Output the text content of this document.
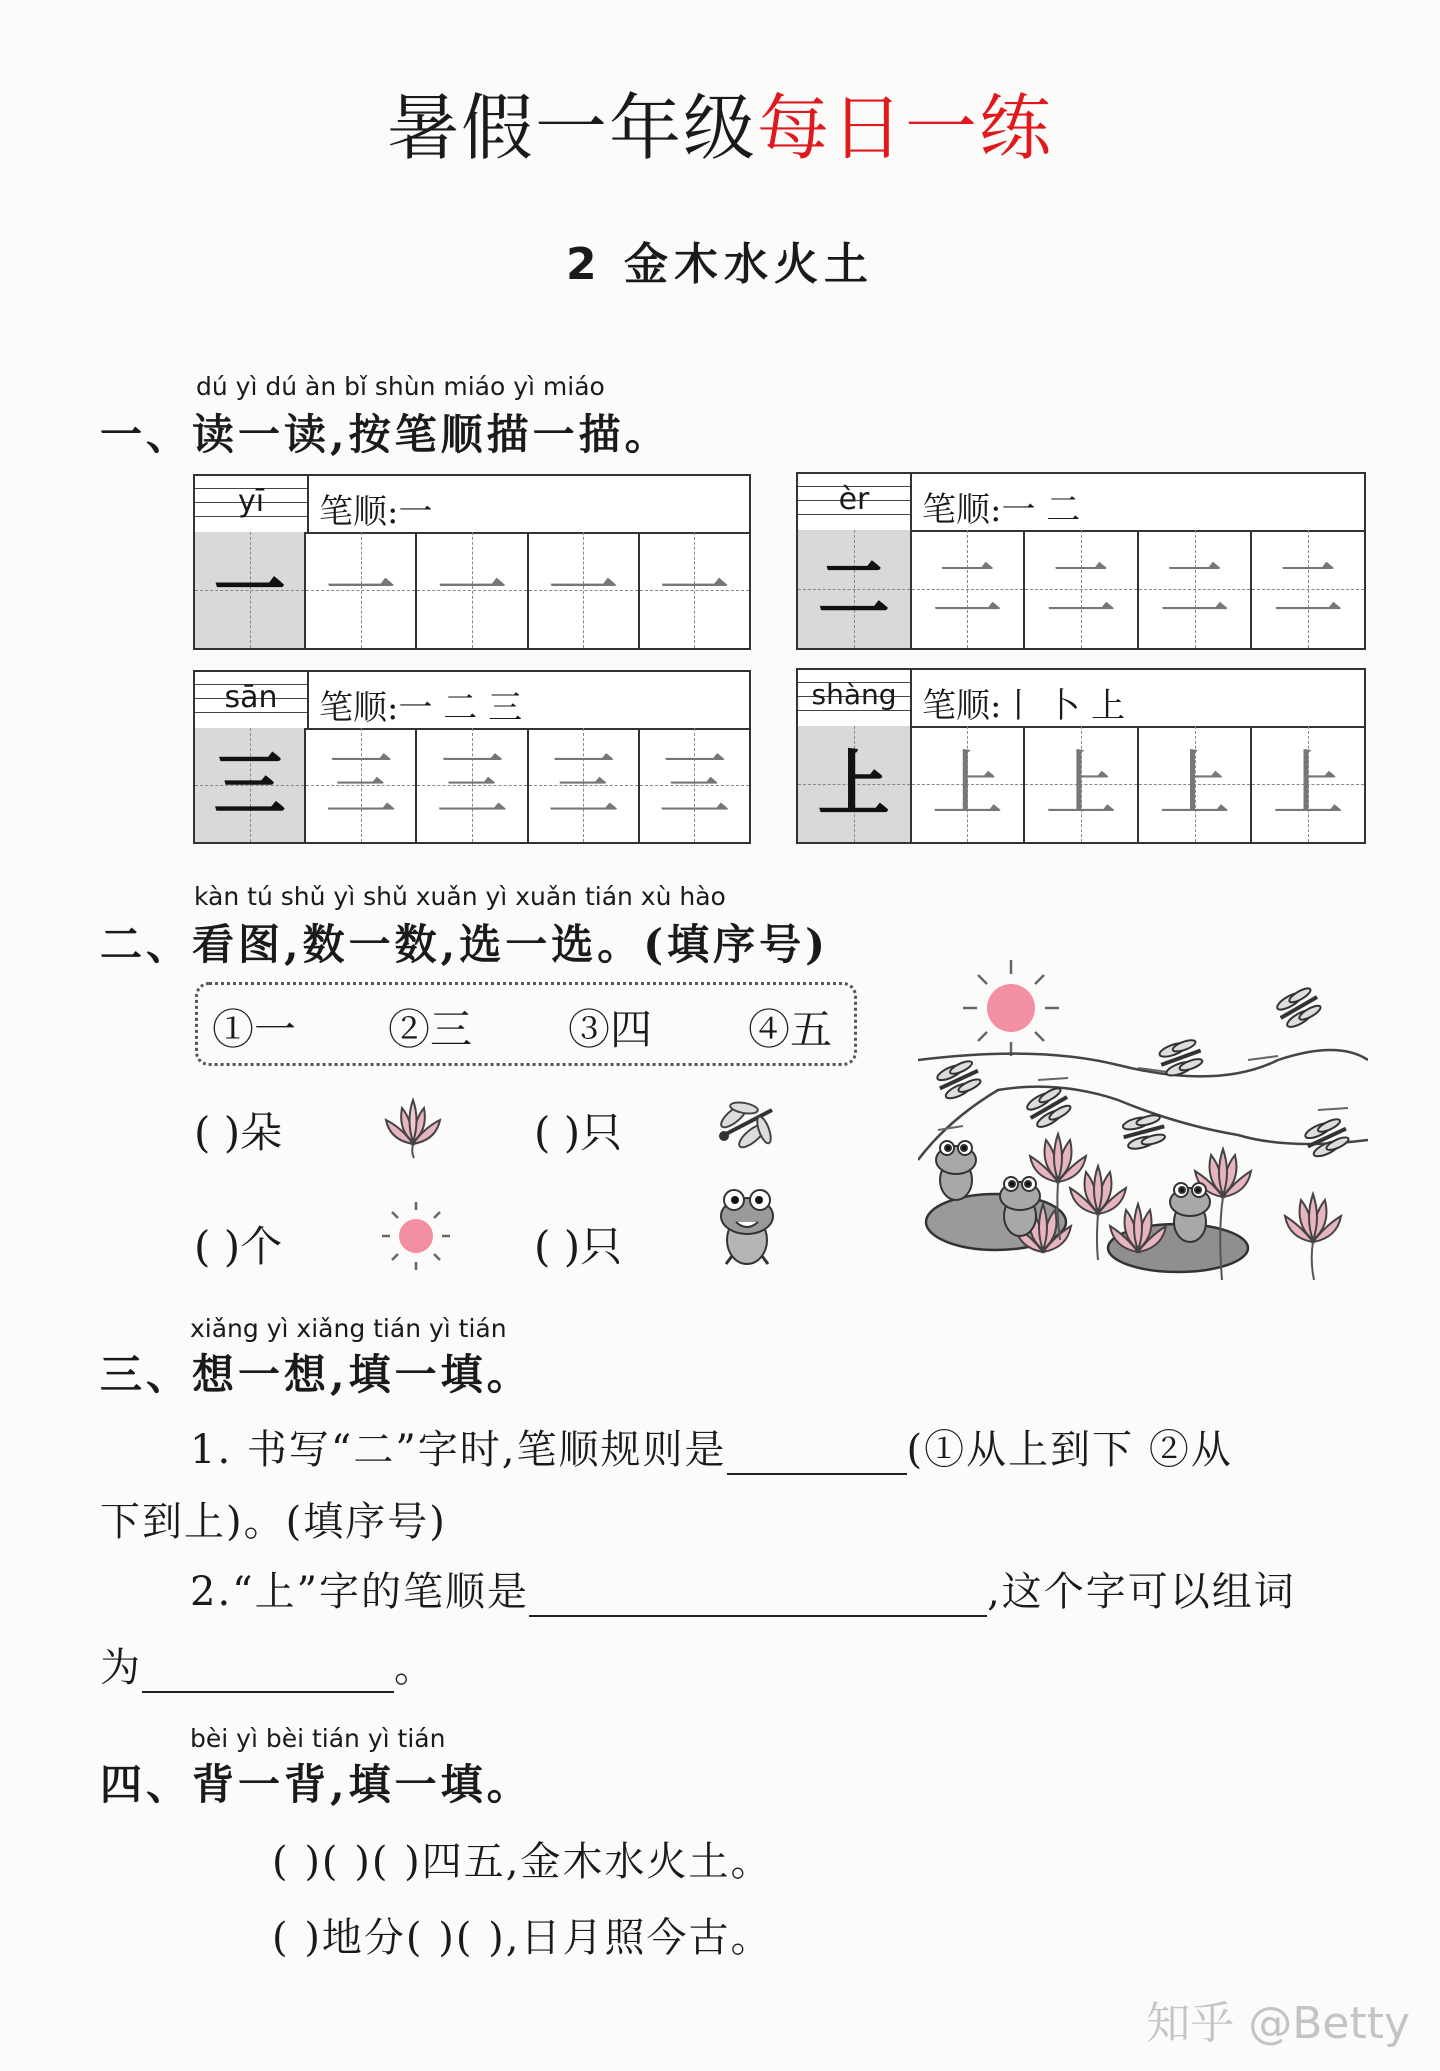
暑假一年级每日一练
2 金木水火土
dú yì dú àn bǐ shùn miáo yì miáo
一、读一读,按笔顺描一描。
yī	笔顺:一
一 一 一 一 一
èr	笔顺:一 二
二 二 二 二 二
sān	笔顺:一 二 三
三 三 三 三 三
shàng 笔顺:丨 卜 上
上 上 上 上 上
kàn tú shǔ yì shǔ xuǎn yì xuǎn tián xù hào
二、看图,数一数,选一选。(填序号)
①一 ②三 ③四 ④五
( )朵	( )只
( )个	( )只
xiǎng yì xiǎng tián yì tián
三、想一想,填一填。
1. 书写“二”字时,笔顺规则是	(①从上到下 ②从
下到上)。(填序号)
2.“上”字的笔顺是	,这个字可以组词
为	。
bèi yì bèi tián yì tián
四、背一背,填一填。
( )( )( )四五,金木水火土。
( )地分( )( ),日月照今古。
知乎 @Betty
